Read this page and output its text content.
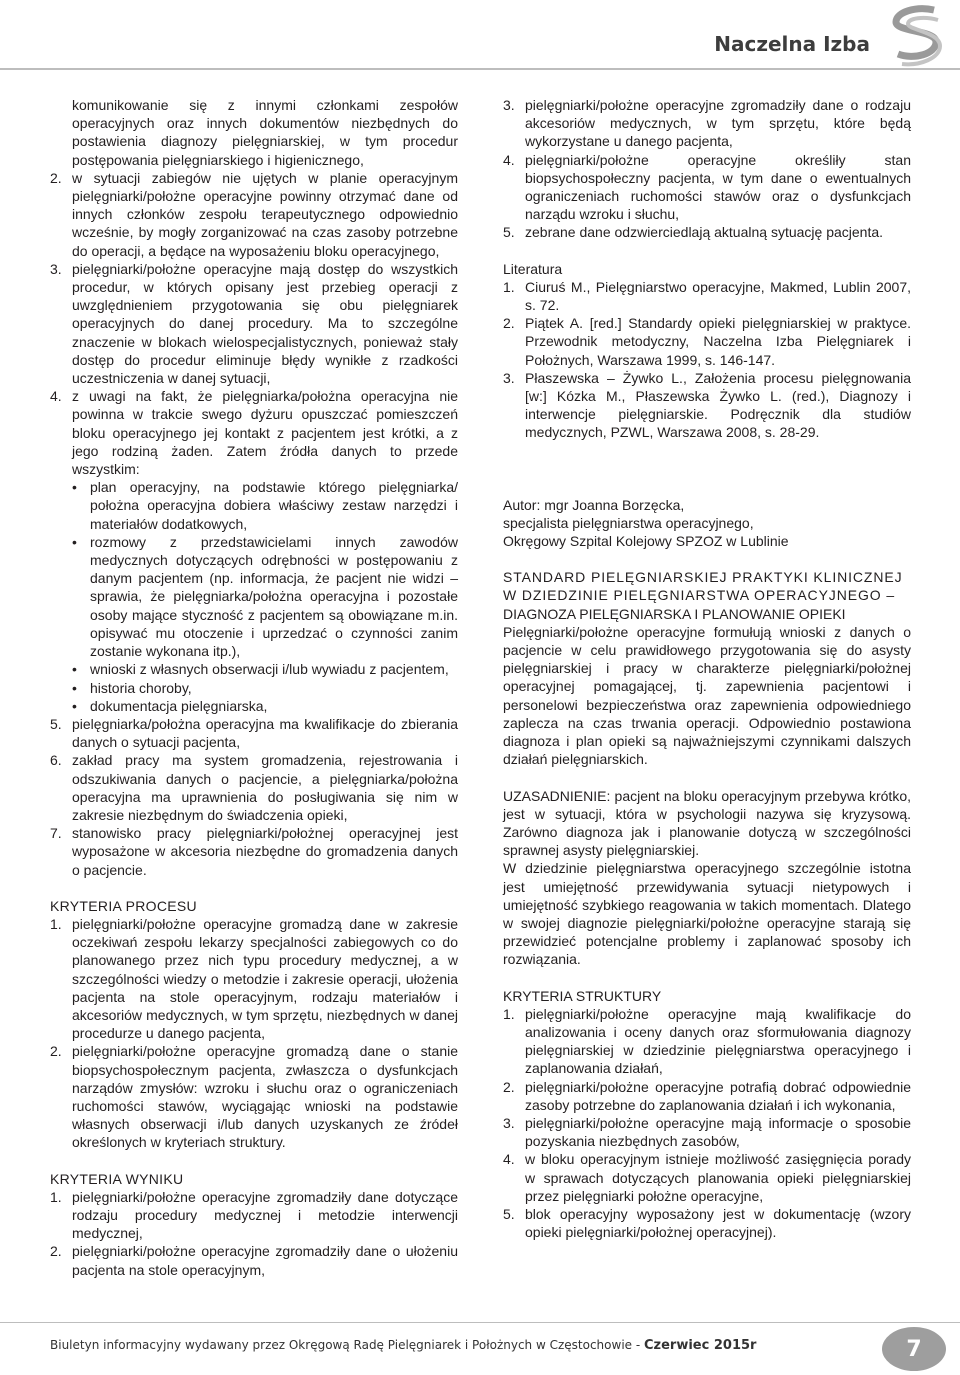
Naczelna Izba

komunikowanie się z innymi członkami zespołów operacyjnych oraz innych dokumentów niezbędnych do postawienia diagnozy pielęgniarskiej, w tym procedur postępowania pielęgniarskiego i higienicznego,

2. w sytuacji zabiegów nie ujętych w planie operacyjnym pielęgniarki/położne operacyjne powinny otrzymać dane od innych członków zespołu terapeutycznego odpowiednio wcześnie, by mogły zorganizować na czas zasoby potrzebne do operacji, a będące na wyposażeniu bloku operacyjnego,
3. pielęgniarki/położne operacyjne mają dostęp do wszystkich procedur, w których opisany jest przebieg operacji z uwzględnieniem przygotowania się obu pielęgniarek operacyjnych do danej procedury. Ma to szczególne znaczenie w blokach wielospecjalistycznych, ponieważ stały dostęp do procedur eliminuje błędy wynikłe z rzadkości uczestniczenia w danej sytuacji,
4. z uwagi na fakt, że pielęgniarka/położna operacyjna nie powinna w trakcie swego dyżuru opuszczać pomieszczeń bloku operacyjnego jej kontakt z pacjentem jest krótki, a z jego rodziną żaden. Zatem źródła danych to przede wszystkim:
• plan operacyjny, na podstawie którego pielęgniarka/ położna operacyjna dobiera właściwy zestaw narzędzi i materiałów dodatkowych,
• rozmowy z przedstawicielami innych zawodów medycznych dotyczących odrębności w postępowaniu z danym pacjentem (np. informacja, że pacjent nie widzi – sprawia, że pielęgniarka/położna operacyjna i pozostałe osoby mające styczność z pacjentem są obowiązane m.in. opisywać mu otoczenie i uprzedzać o czynności zanim zostanie wykonana itp.),
• wnioski z własnych obserwacji i/lub wywiadu z pacjentem,
• historia choroby,
• dokumentacja pielęgniarska,
5. pielęgniarka/położna operacyjna ma kwalifikacje do zbierania danych o sytuacji pacjenta,
6. zakład pracy ma system gromadzenia, rejestrowania i odszukiwania danych o pacjencie, a pielęgniarka/położna operacyjna ma uprawnienia do posługiwania się nim w zakresie niezbędnym do świadczenia opieki,
7. stanowisko pracy pielęgniarki/położnej operacyjnej jest wyposażone w akcesoria niezbędne do gromadzenia danych o pacjencie.

KRYTERIA PROCESU

1. pielęgniarki/położne operacyjne gromadzą dane w zakresie oczekiwań zespołu lekarzy specjalności zabiegowych co do planowanego przez nich typu procedury medycznej, a w szczególności wiedzy o metodzie i zakresie operacji, ułożenia pacjenta na stole operacyjnym, rodzaju materiałów i akcesoriów medycznych, w tym sprzętu, niezbędnych w danej procedurze u danego pacjenta,
2. pielęgniarki/położne operacyjne gromadzą dane o stanie biopsychospołecznym pacjenta, zwłaszcza o dysfunkcjach narządów zmysłów: wzroku i słuchu oraz o ograniczeniach ruchomości stawów, wyciągając wnioski na podstawie własnych obserwacji i/lub danych uzyskanych ze źródeł określonych w kryteriach struktury.

KRYTERIA WYNIKU

1. pielęgniarki/położne operacyjne zgromadziły dane dotyczące rodzaju procedury medycznej i metodzie interwencji medycznej,
2. pielęgniarki/położne operacyjne zgromadziły dane o ułożeniu pacjenta na stole operacyjnym,
3. pielęgniarki/położne operacyjne zgromadziły dane o rodzaju akcesoriów medycznych, w tym sprzętu, które będą wykorzystane u danego pacjenta,
4. pielęgniarki/położne operacyjne określiły stan biopsychospołeczny pacjenta, w tym dane o ewentualnych ograniczeniach ruchomości stawów oraz o dysfunkcjach narządu wzroku i słuchu,
5. zebrane dane odzwierciedlają aktualną sytuację pacjenta.

Literatura

1. Ciuruś M., Pielęgniarstwo operacyjne, Makmed, Lublin 2007, s. 72.
2. Piątek A. [red.] Standardy opieki pielęgniarskiej w praktyce. Przewodnik metodyczny, Naczelna Izba Pielęgniarek i Położnych, Warszawa 1999, s. 146-147.
3. Płaszewska – Żywko L., Założenia procesu pielęgnowania [w:] Kózka M., Płaszewska Żywko L. (red.), Diagnozy i interwencje pielęgniarskie. Podręcznik dla studiów medycznych, PZWL, Warszawa 2008, s. 28-29.

Autor: mgr Joanna Borzęcka,

specjalista pielęgniarstwa operacyjnego,

Okręgowy Szpital Kolejowy SPZOZ w Lublinie

STANDARD PIELĘGNIARSKIEJ PRAKTYKI KLINICZNEJ

W DZIEDZINIE PIELĘGNIARSTWA OPERACYJNEGO –

DIAGNOZA PIELĘGNIARSKA I PLANOWANIE OPIEKI

Pielęgniarki/położne operacyjne formułują wnioski z danych o pacjencie w celu prawidłowego przygotowania się do asysty pielęgniarskiej i pracy w charakterze pielęgniarki/położnej operacyjnej pomagającej, tj. zapewnienia pacjentowi i personelowi bezpieczeństwa oraz zapewnienia odpowiedniego zaplecza na czas trwania operacji. Odpowiednio postawiona diagnoza i plan opieki są najważniejszymi czynnikami dalszych działań pielęgniarskich.

UZASADNIENIE: pacjent na bloku operacyjnym przebywa krótko, jest w sytuacji, która w psychologii nazywa się kryzysową. Zarówno diagnoza jak i planowanie dotyczą w szczególności sprawnej asysty pielęgniarskiej.

W dziedzinie pielęgniarstwa operacyjnego szczególnie istotna jest umiejętność przewidywania sytuacji nietypowych i umiejętność szybkiego reagowania w takich momentach. Dlatego w swojej diagnozie pielęgniarki/położne operacyjne starają się przewidzieć potencjalne problemy i zaplanować sposoby ich rozwiązania.

KRYTERIA STRUKTURY

1. pielęgniarki/położne operacyjne mają kwalifikacje do analizowania i oceny danych oraz sformułowania diagnozy pielęgniarskiej w dziedzinie pielęgniarstwa operacyjnego i zaplanowania działań,
2. pielęgniarki/położne operacyjne potrafią dobrać odpowiednie zasoby potrzebne do zaplanowania działań i ich wykonania,
3. pielęgniarki/położne operacyjne mają informacje o sposobie pozyskania niezbędnych zasobów,
4. w bloku operacyjnym istnieje możliwość zasięgnięcia porady w sprawach dotyczących planowania opieki pielęgniarskiej przez pielęgniarki położne operacyjne,
5. blok operacyjny wyposażony jest w dokumentację (wzory opieki pielęgniarki/położnej operacyjnej).
Biuletyn informacyjny wydawany przez Okręgową Radę Pielęgniarek i Położnych w Częstochowie - Czerwiec 2015r	7
